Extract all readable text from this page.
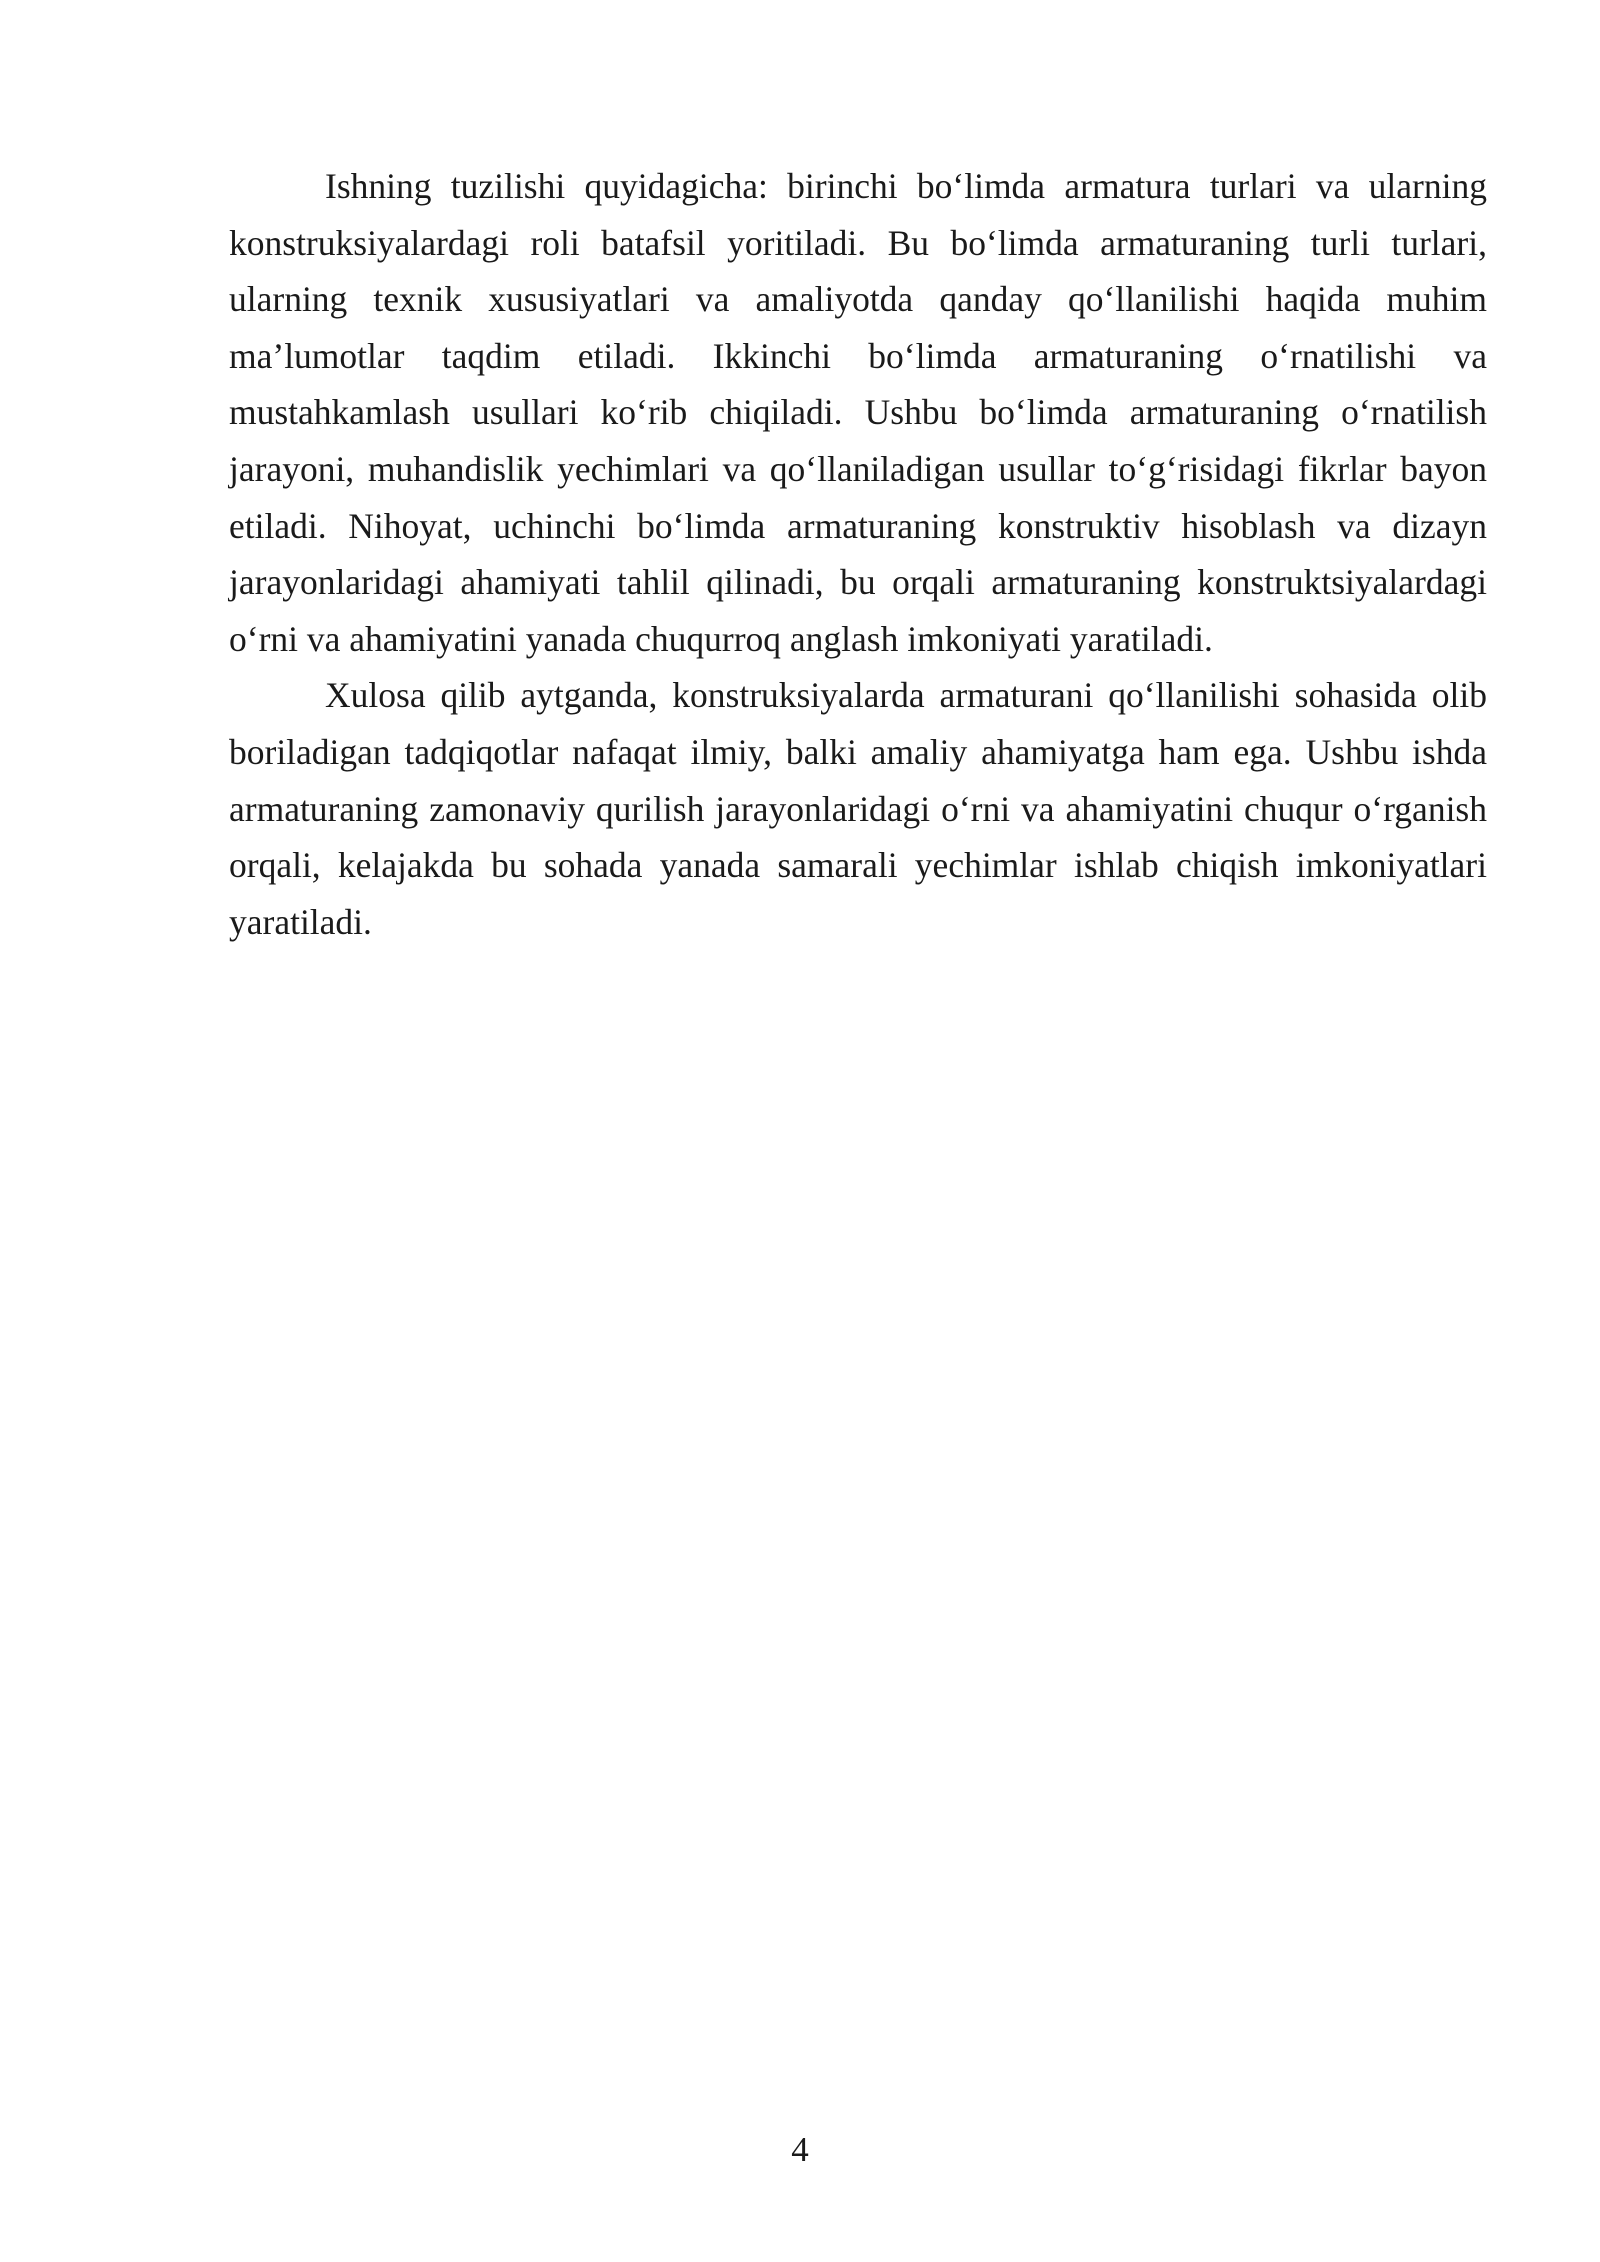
Ishning tuzilishi quyidagicha: birinchi bo‘limda armatura turlari va ularning konstruksiyalardagi roli batafsil yoritiladi. Bu bo‘limda armaturaning turli turlari, ularning texnik xususiyatlari va amaliyotda qanday qo‘llanilishi haqida muhim ma’lumotlar taqdim etiladi. Ikkinchi bo‘limda armaturaning o‘rnatilishi va mustahkamlash usullari ko‘rib chiqiladi. Ushbu bo‘limda armaturaning o‘rnatilish jarayoni, muhandislik yechimlari va qo‘llaniladigan usullar to‘g‘risidagi fikrlar bayon etiladi. Nihoyat, uchinchi bo‘limda armaturaning konstruktiv hisoblash va dizayn jarayonlaridagi ahamiyati tahlil qilinadi, bu orqali armaturaning konstruktsiyalardagi o‘rni va ahamiyatini yanada chuqurroq anglash imkoniyati yaratiladi.

Xulosa qilib aytganda, konstruksiyalarda armaturani qo‘llanilishi sohasida olib boriladigan tadqiqotlar nafaqat ilmiy, balki amaliy ahamiyatga ham ega. Ushbu ishda armaturaning zamonaviy qurilish jarayonlaridagi o‘rni va ahamiyatini chuqur o‘rganish orqali, kelajakda bu sohada yanada samarali yechimlar ishlab chiqish imkoniyatlari yaratiladi.

4
